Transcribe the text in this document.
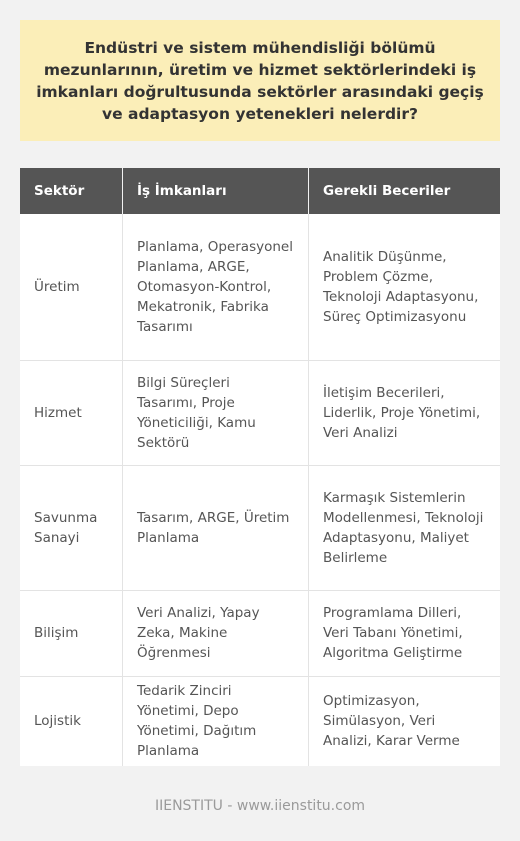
Endüstri ve sistem mühendisliği bölümü mezunlarının, üretim ve hizmet sektörlerindeki iş imkanları doğrultusunda sektörler arasındaki geçiş ve adaptasyon yetenekleri nelerdir?
Sektör	İş İmkanları	Gerekli Beceriler
Üretim	Planlama, Operasyonel Planlama, ARGE, Otomasyon-Kontrol, Mekatronik, Fabrika Tasarımı	Analitik Düşünme, Problem Çözme, Teknoloji Adaptasyonu, Süreç Optimizasyonu
Hizmet	Bilgi Süreçleri Tasarımı, Proje Yöneticiliği, Kamu Sektörü	İletişim Becerileri, Liderlik, Proje Yönetimi, Veri Analizi
Savunma Sanayi	Tasarım, ARGE, Üretim Planlama	Karmaşık Sistemlerin Modellenmesi, Teknoloji Adaptasyonu, Maliyet Belirleme
Bilişim	Veri Analizi, Yapay Zeka, Makine Öğrenmesi	Programlama Dilleri, Veri Tabanı Yönetimi, Algoritma Geliştirme
Lojistik	Tedarik Zinciri Yönetimi, Depo Yönetimi, Dağıtım Planlama	Optimizasyon, Simülasyon, Veri Analizi, Karar Verme
IIENSTITU - www.iienstitu.com
